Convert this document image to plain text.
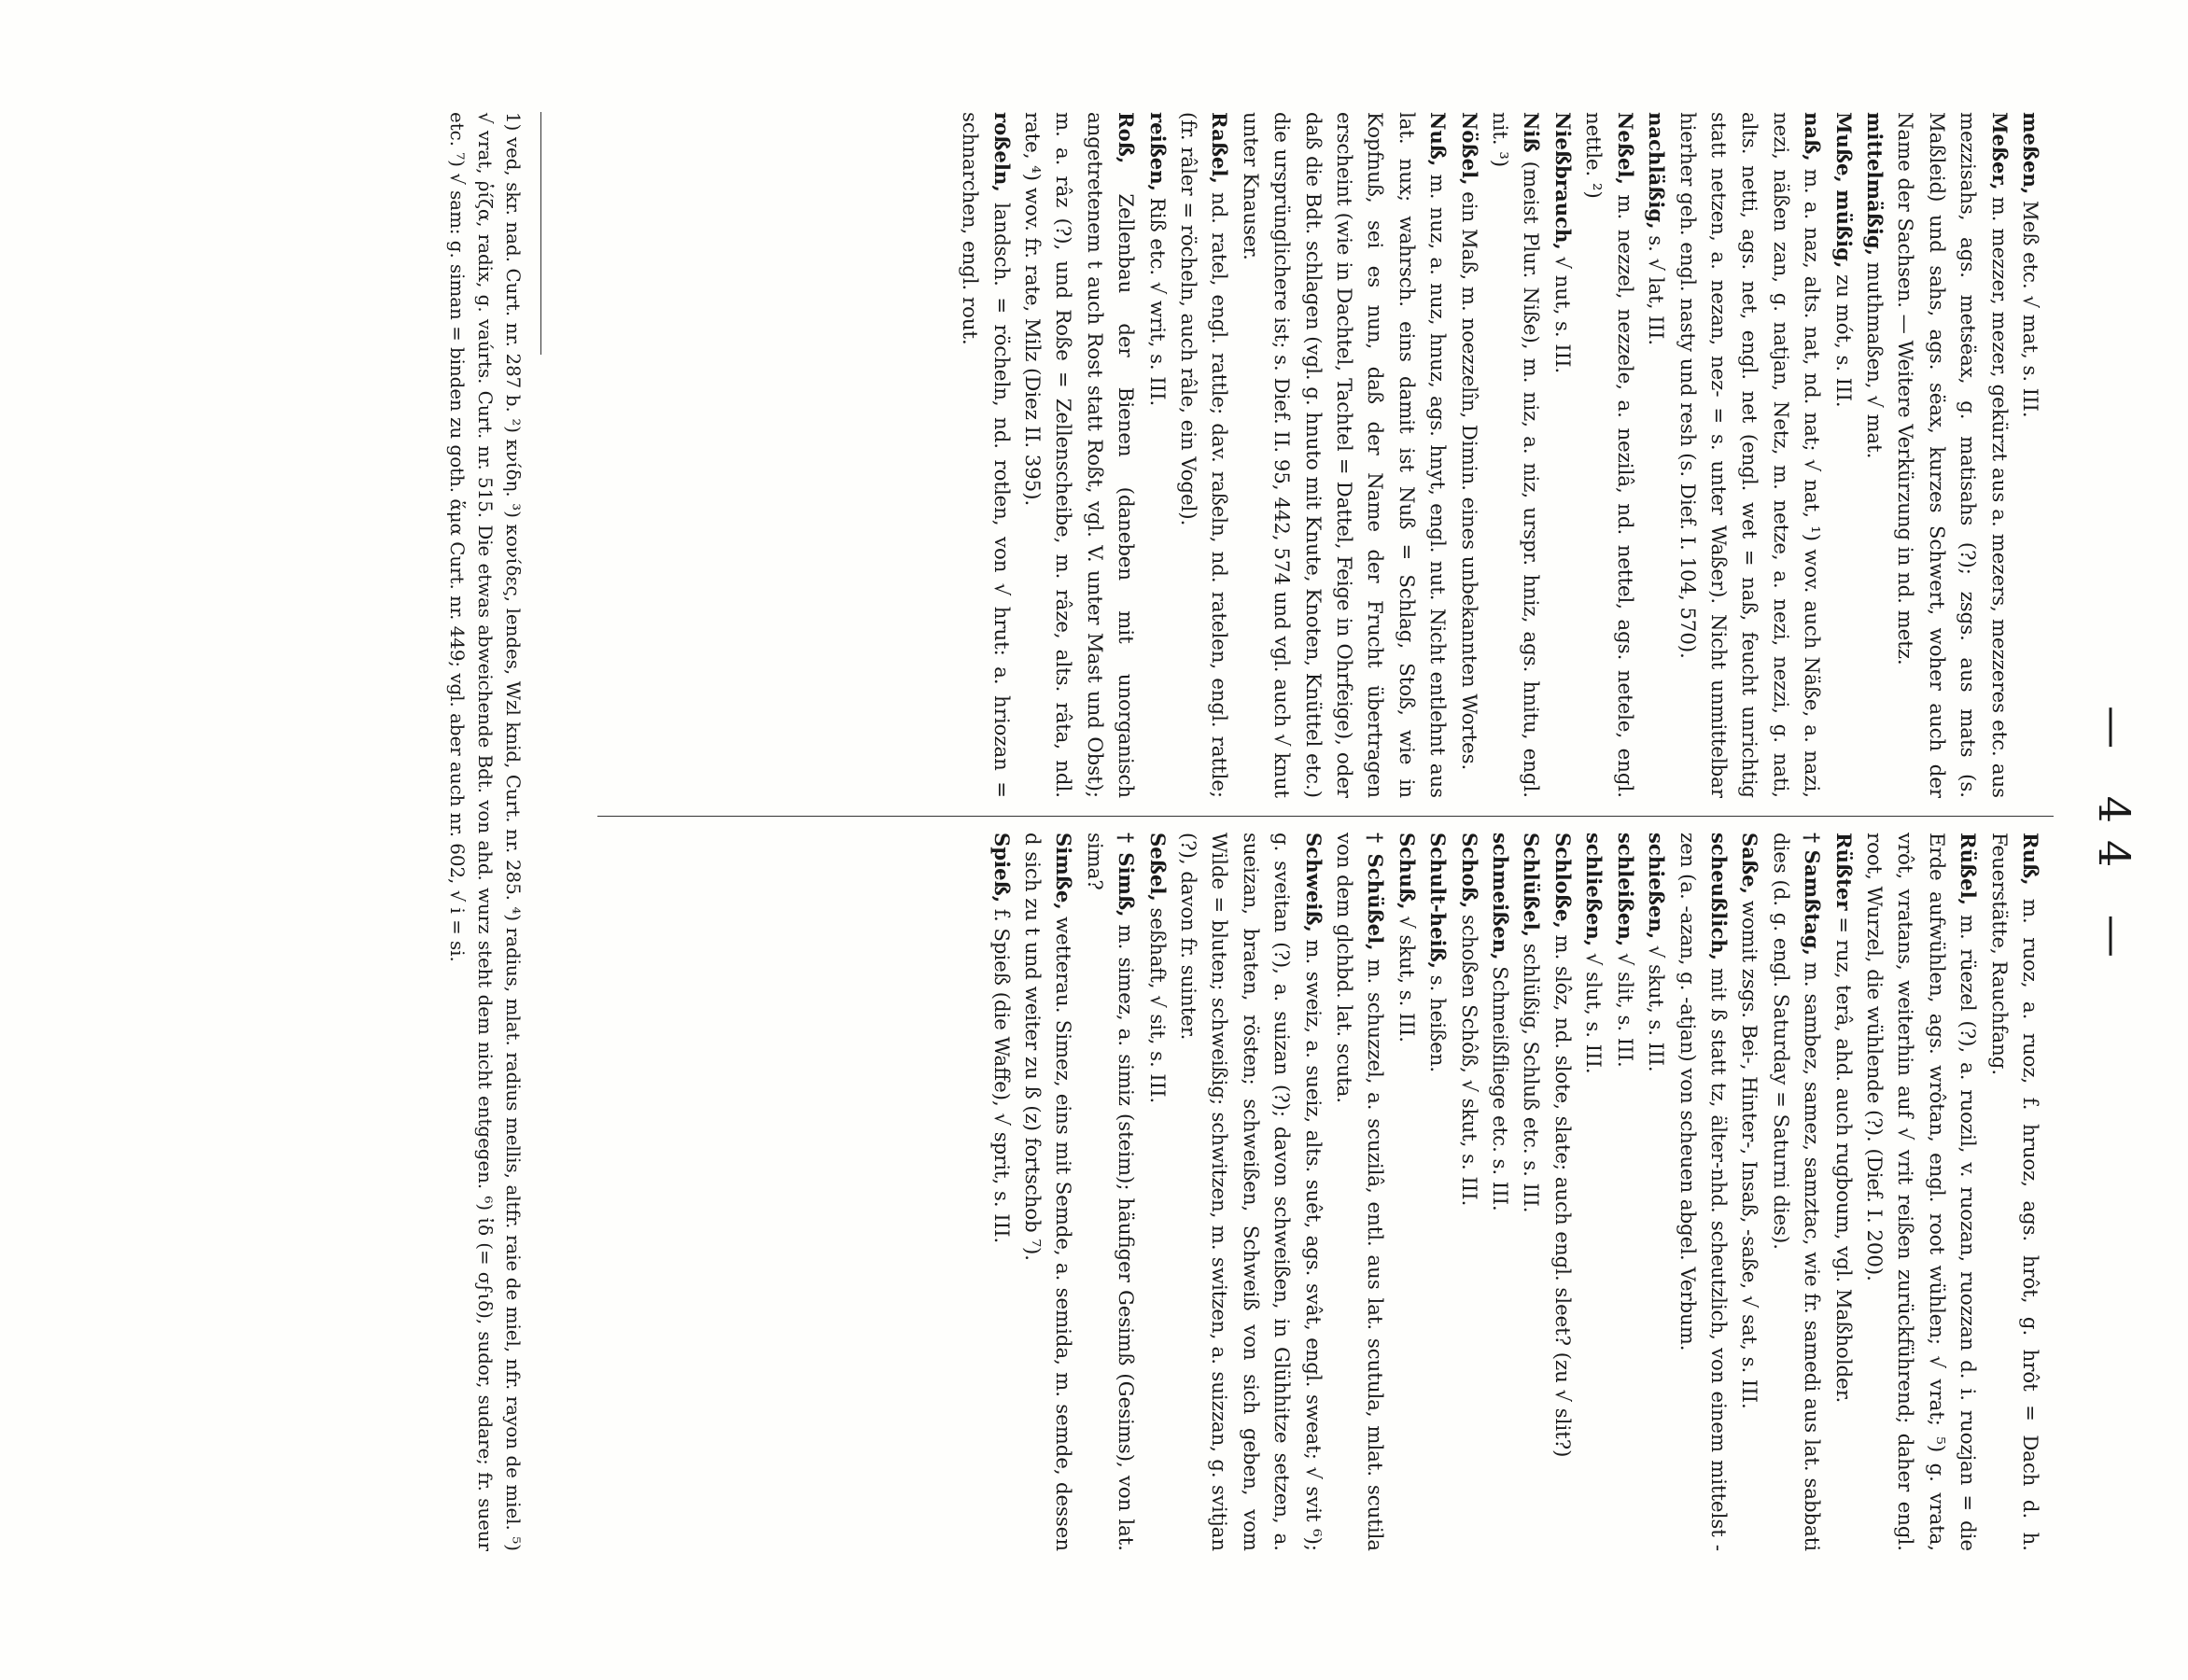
— 44 —

meßen, Meß etc. √ mat, s. III.

Meßer, m. mezzer, mezer, gekürzt aus a. mezers, mezzeres etc. aus mezzisahs, ags. metsëax, g. matisahs (?); zsgs. aus mats (s. Maßleid) und sahs, ags. sëax, kurzes Schwert, woher auch der Name der Sachsen. — Weitere Verkürzung in nd. metz.

mittelmäßig, muthmaßen, √ mat.

Muße, müßig, zu mót, s. III.

naß, m. a. naz, alts. nat, nd. nat; √ nat, ¹) wov. auch Näße, a. nazi, nezi, näßen zan, g. natjan, Netz, m. netze, a. nezi, nezzi, g. nati, alts. netti, ags. net, engl. net (engl. wet = naß, feucht unrichtig statt netzen, a. nezan, nez- = s. unter Waßer). Nicht unmittelbar hierher geh. engl. nasty und resh (s. Dief. I. 104, 570).

nachläßig, s. √ lat, III.

Neßel, m. nezzel, nezzele, a. nezilâ, nd. nettel, ags. netele, engl. nettle. ²)

Nießbrauch, √ nut, s. III.

Niß (meist Plur. Niße), m. niz, a. niz, urspr. hniz, ags. hnitu, engl. nit. ³)

Nößel, ein Maß, m. noezzelîn, Dimin. eines unbekannten Wortes.

Nuß, m. nuz, a. nuz, hnuz, ags. hnyt, engl. nut. Nicht entlehnt aus lat. nux; wahrsch. eins damit ist Nuß = Schlag, Stoß, wie in Kopfnuß, sei es nun, daß der Name der Frucht übertragen erscheint (wie in Dachtel, Tachtel = Dattel, Feige in Ohrfeige), oder daß die Bdt. schlagen (vgl. g. hnuto mit Knute, Knoten, Knüttel etc.) die ursprünglichere ist; s. Dief. II. 95, 442, 574 und vgl. auch √ knut unter Knauser.

Raßel, nd. ratel, engl. rattle; dav. raßeln, nd. ratelen, engl. rattle; (fr. râler = röcheln, auch râle, ein Vogel).

reißen, Riß etc. √ writ, s. III.

Roß, Zellenbau der Bienen (daneben mit unorganisch angetretenem t auch Rost statt Roßt, vgl. V. unter Mast und Obst); m. a. râz (?), und Roße = Zellenscheibe, m. râze, alts. râta, ndl. rate, ⁴) wov. fr. rate, Milz (Diez II. 395).

roßeln, landsch. = röcheln, nd. rotlen, von √ hrut: a. hriozan = schnarchen, engl. rout.

Ruß, m. ruoz, a. ruoz, f. hruoz, ags. hrôt, g. hrôt = Dach d. h. Feuerstätte, Rauchfang.

Rüßel, m. rüezel (?), a. ruozil, v. ruozan, ruozzan d. i. ruozjan = die Erde aufwühlen, ags. wrôtan, engl. root wühlen; √ vrat; ⁵) g. vrata, vrôt, vratans, weiterhin auf √ vrit reißen zurückführend; daher engl. root, Wurzel, die wühlende (?). (Dief. I. 200).

Rüßter = ruz, terâ, ahd. auch rugboum, vgl. Maßholder.

† Samßtag, m. sambez, samez, samztac, wie fr. samedi aus lat. sabbati dies (d. g. engl. Saturday = Saturni dies).

Saße, womit zsgs. Bei-, Hinter-, Insaß, -saße, √ sat, s. III.

scheußlich, mit ß statt tz, älter-nhd. scheutzlich, von einem mittelst -zen (a. -azan, g. -atjan) von scheuen abgel. Verbum.

schießen, √ skut, s. III.

schleißen, √ slit, s. III.

schließen, √ slut, s. III.

Schloße, m. slôz, nd. slote, slate; auch engl. sleet? (zu √ slit?)

Schlüßel, schlüßig, Schluß etc. s. III.

schmeißen, Schmeißfliege etc. s. III.

Schoß, schoßen Schôß, √ skut, s. III.

Schult-heiß, s. heißen.

Schuß, √ skut, s. III.

† Schüßel, m. schuzzel, a. scuzilâ, entl. aus lat. scutula, mlat. scutila von dem glchbd. lat. scuta.

Schweiß, m. sweiz, a. sueiz, alts. suêt, ags. svât, engl. sweat; √ svit ⁶); g. sveitan (?), a. suizan (?); davon schweißen, in Glühhitze setzen, a. sueizan, braten, rösten; schweißen, Schweiß von sich geben, vom Wilde = bluten; schweißig; schwitzen, m. switzen, a. suizzan, g. svitjan (?), davon fr. suinter.

Seßel, seßhaft, √ sit, s. III.

† Simß, m. simez, a. simiz (steim); häufiger Gesimß (Gesims), von lat. sima?

Simße, wetterau. Simez, eins mit Semde, a. semida, m. semde, dessen d sich zu t und weiter zu ß (z) fortschob ⁷).

Spieß, f. Spieß (die Waffe), √ sprit, s. III.

1) ved, skr. nad. Curt. nr. 287 b. ²) κνίδη. ³) κονίδες, lendes, Wzl knid, Curt. nr. 285. ⁴) radius, mlat. radius mellis, altfr. raie de miel, nfr. rayon de miel. ⁵) √ vrat, ῥίζα, radix, g. vaúrts. Curt. nr. 515. Die etwas abweichende Bdt. von ahd. wurz steht dem nicht entgegen. ⁶) ἰδ (= σϝιδ), sudor, sudare; fr. sueur etc. ⁷) √ sam: g. siman = binden zu goth. ἅμα Curt. nr. 449; vgl. aber auch nr. 602, √ i = si.
